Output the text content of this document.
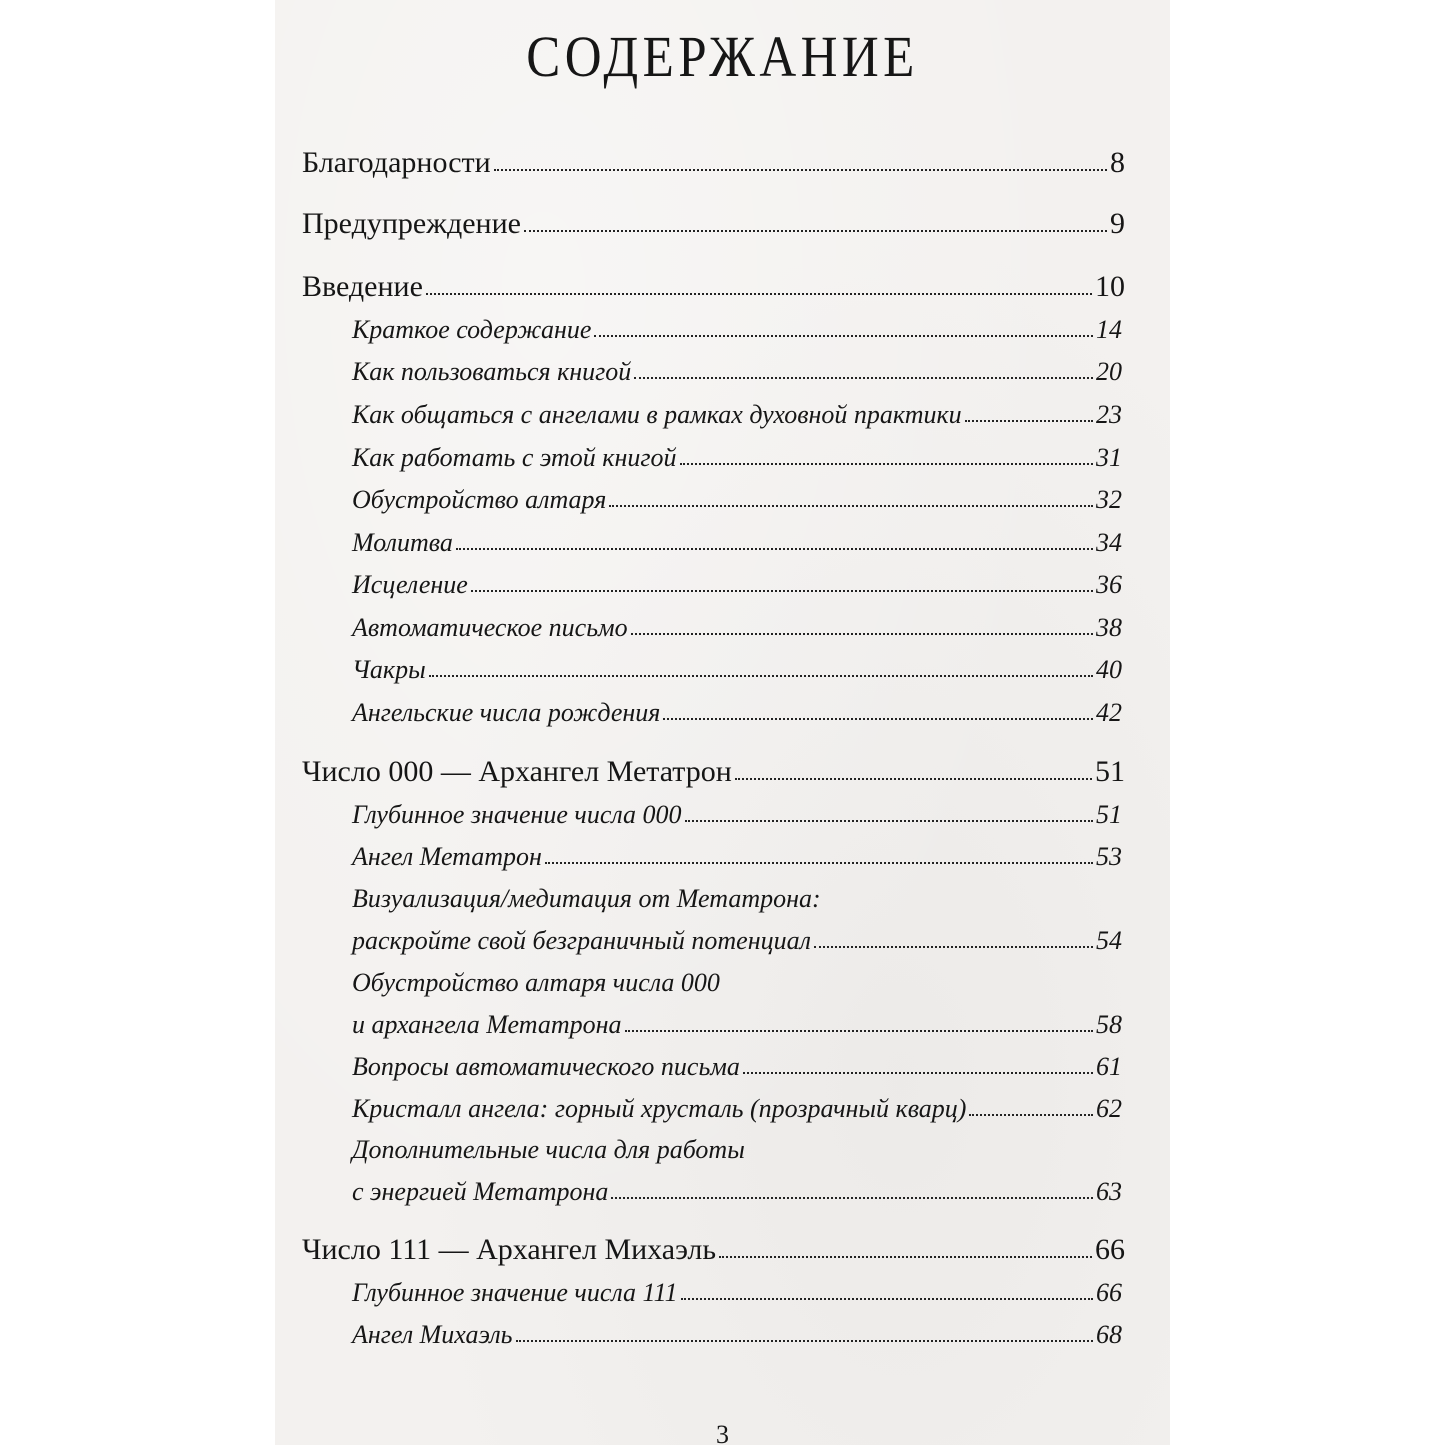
СОДЕРЖАНИЕ
Благодарности	8
Предупреждение	9
Введение	10
Краткое содержание	14
Как пользоваться книгой	20
Как общаться с ангелами в рамках духовной практики	23
Как работать с этой книгой	31
Обустройство алтаря	32
Молитва	34
Исцеление	36
Автоматическое письмо	38
Чакры	40
Ангельские числа рождения	42
Число 000 — Архангел Метатрон	51
Глубинное значение числа 000	51
Ангел Метатрон	53
Визуализация/медитация от Метатрона:
раскройте свой безграничный потенциал	54
Обустройство алтаря числа 000
и архангела Метатрона	58
Вопросы автоматического письма	61
Кристалл ангела: горный хрусталь (прозрачный кварц)	62
Дополнительные числа для работы
с энергией Метатрона	63
Число 111 — Архангел Михаэль	66
Глубинное значение числа 111	66
Ангел Михаэль	68
3
